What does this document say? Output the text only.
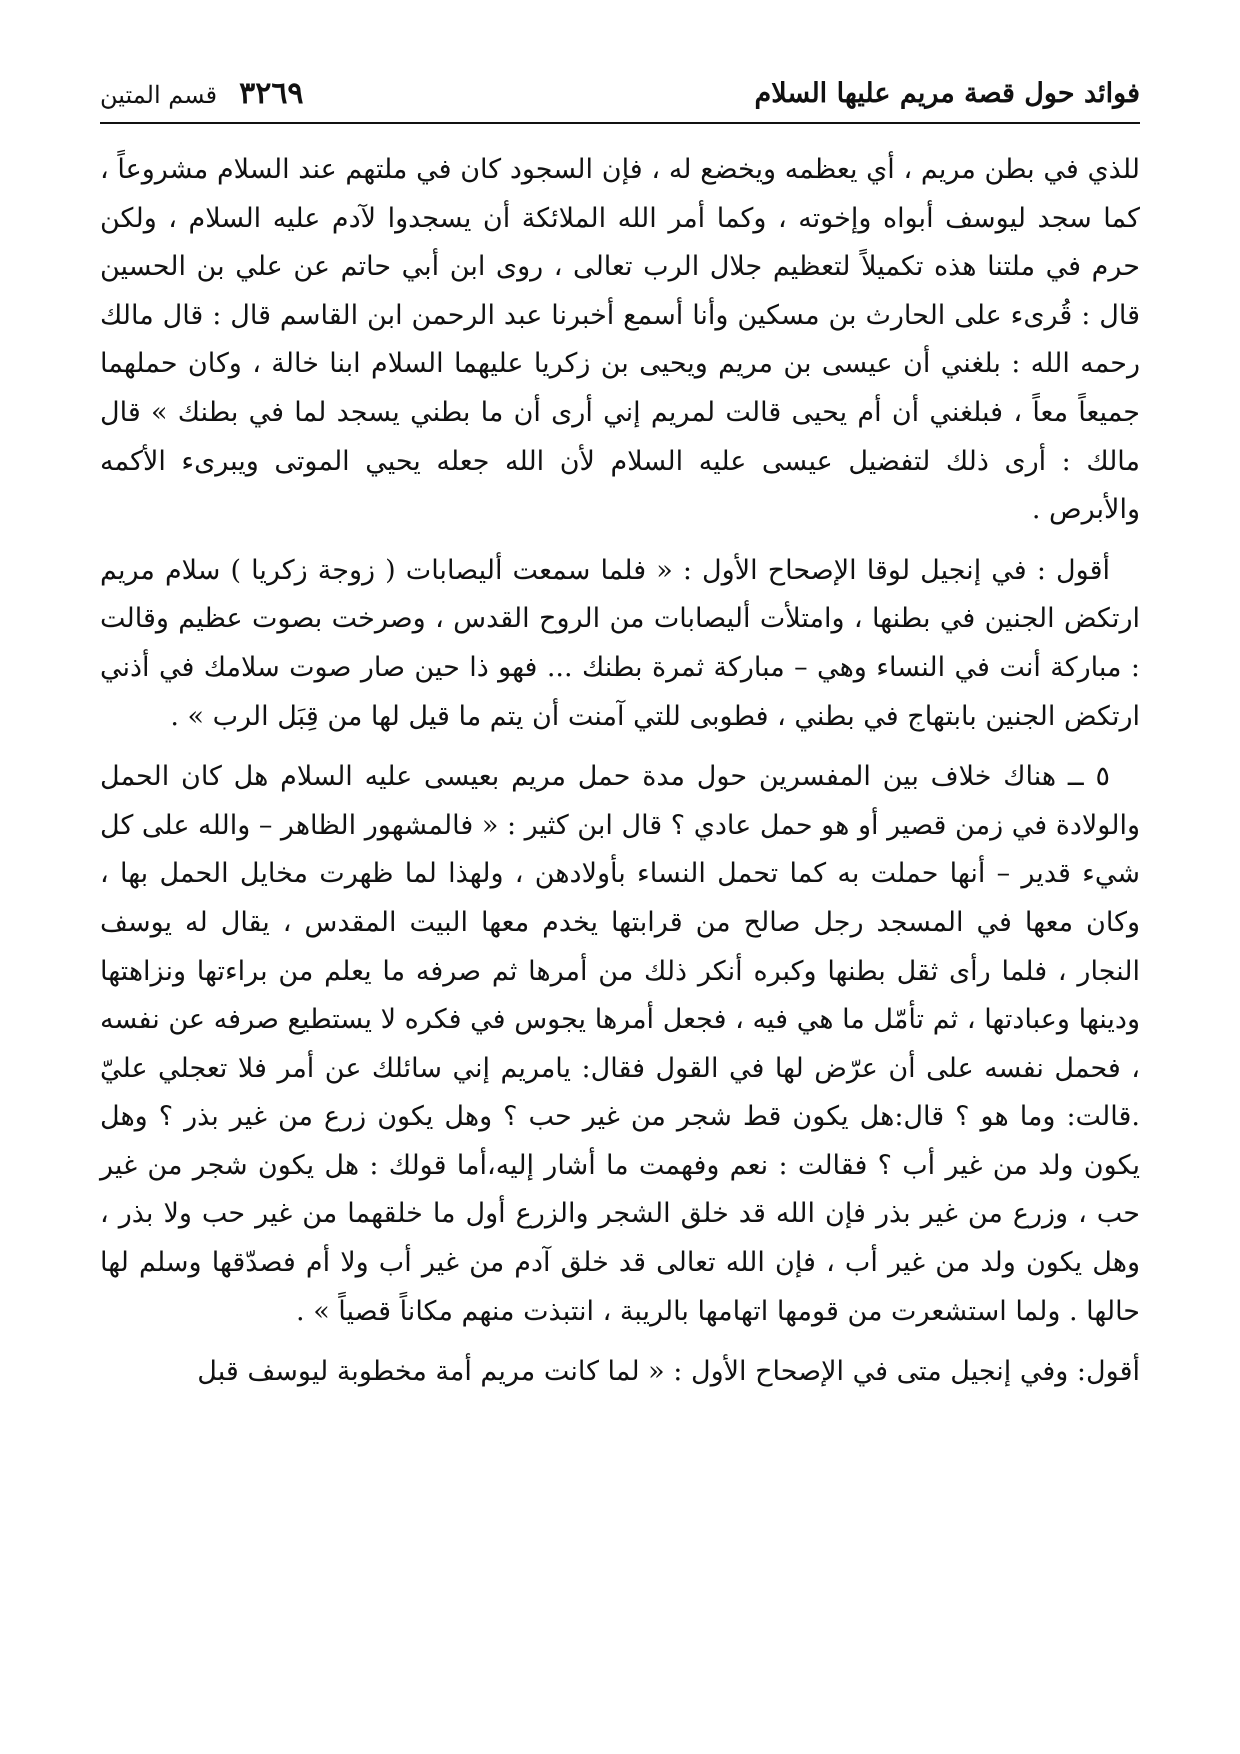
فوائد حول قصة مريم عليها السلام
قسم المتين ٣٢٦٩

للذي في بطن مريم ، أي يعظمه ويخضع له ، فإن السجود كان في ملتهم عند السلام مشروعاً ، كما سجد ليوسف أبواه وإخوته ، وكما أمر الله الملائكة أن يسجدوا لآدم عليه السلام ، ولكن حرم في ملتنا هذه تكميلاً لتعظيم جلال الرب تعالى ، روى ابن أبي حاتم عن علي بن الحسين قال : قُرىء على الحارث بن مسكين وأنا أسمع أخبرنا عبد الرحمن ابن القاسم قال : قال مالك رحمه الله : بلغني أن عيسى بن مريم ويحيى بن زكريا عليهما السلام ابنا خالة ، وكان حملهما جميعاً معاً ، فبلغني أن أم يحيى قالت لمريم إني أرى أن ما بطني يسجد لما في بطنك » قال مالك : أرى ذلك لتفضيل عيسى عليه السلام لأن الله جعله يحيي الموتى ويبرىء الأكمه والأبرص .

أقول : في إنجيل لوقا الإصحاح الأول : « فلما سمعت أليصابات ( زوجة زكريا ) سلام مريم ارتكض الجنين في بطنها ، وامتلأت أليصابات من الروح القدس ، وصرخت بصوت عظيم وقالت : مباركة أنت في النساء وهي – مباركة ثمرة بطنك ... فهو ذا حين صار صوت سلامك في أذني ارتكض الجنين بابتهاج في بطني ، فطوبى للتي آمنت أن يتم ما قيل لها من قِبَل الرب » .

٥ ــ هناك خلاف بين المفسرين حول مدة حمل مريم بعيسى عليه السلام هل كان الحمل والولادة في زمن قصير أو هو حمل عادي ؟ قال ابن كثير : « فالمشهور الظاهر – والله على كل شيء قدير – أنها حملت به كما تحمل النساء بأولادهن ، ولهذا لما ظهرت مخايل الحمل بها ، وكان معها في المسجد رجل صالح من قرابتها يخدم معها البيت المقدس ، يقال له يوسف النجار ، فلما رأى ثقل بطنها وكبره أنكر ذلك من أمرها ثم صرفه ما يعلم من براءتها ونزاهتها ودينها وعبادتها ، ثم تأمّل ما هي فيه ، فجعل أمرها يجوس في فكره لا يستطيع صرفه عن نفسه ، فحمل نفسه على أن عرّض لها في القول فقال: يامريم إني سائلك عن أمر فلا تعجلي عليّ .قالت: وما هو ؟ قال:هل يكون قط شجر من غير حب ؟ وهل يكون زرع من غير بذر ؟ وهل يكون ولد من غير أب ؟ فقالت : نعم وفهمت ما أشار إليه،أما قولك : هل يكون شجر من غير حب ، وزرع من غير بذر فإن الله قد خلق الشجر والزرع أول ما خلقهما من غير حب ولا بذر ، وهل يكون ولد من غير أب ، فإن الله تعالى قد خلق آدم من غير أب ولا أم فصدّقها وسلم لها حالها . ولما استشعرت من قومها اتهامها بالريبة ، انتبذت منهم مكاناً قصياً » .

أقول: وفي إنجيل متى في الإصحاح الأول : « لما كانت مريم أمة مخطوبة ليوسف قبل
